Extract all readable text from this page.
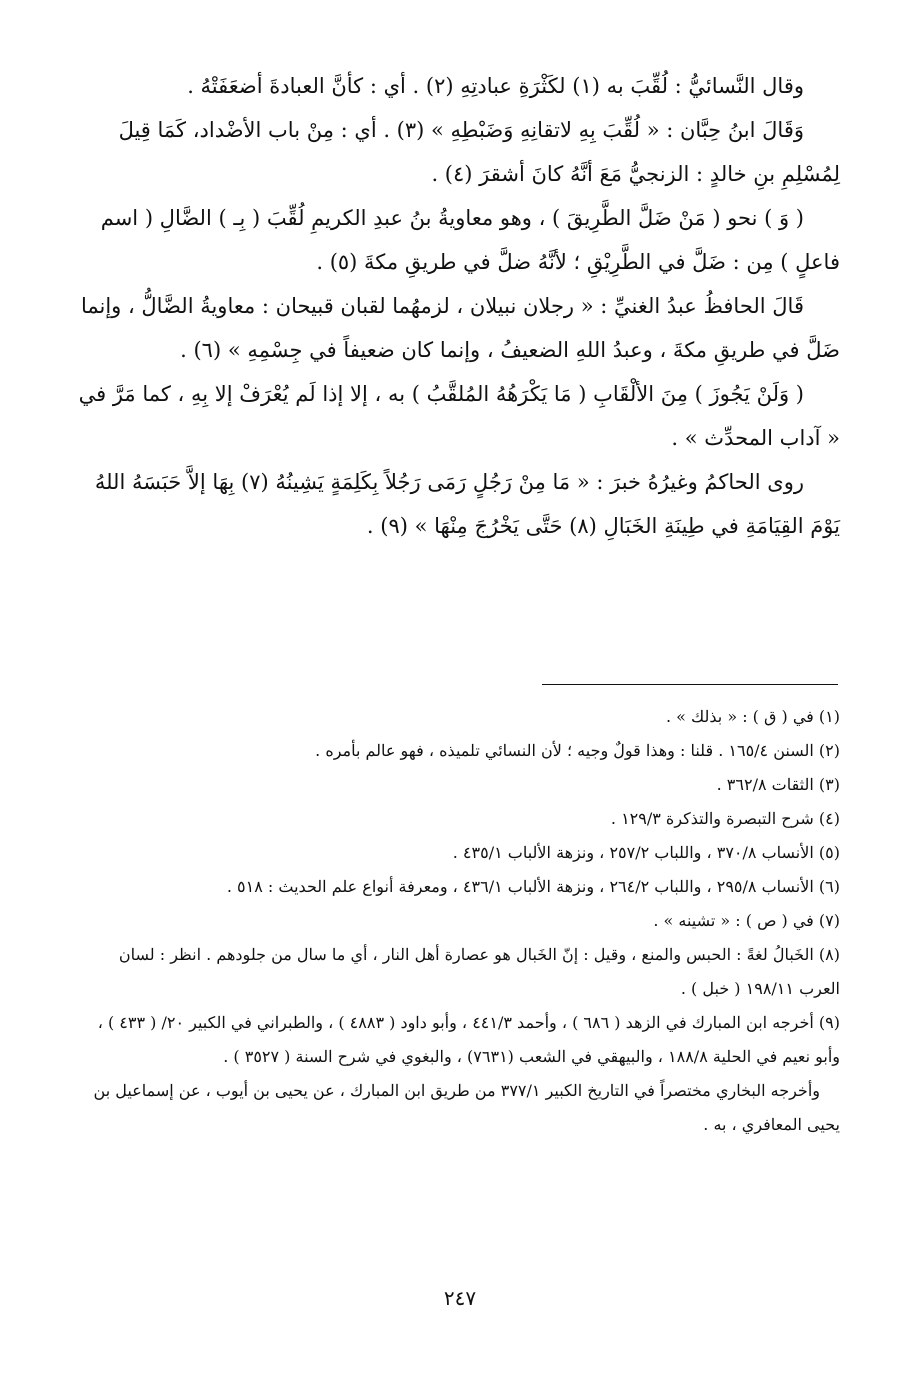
وقال النَّسائيُّ : لُقِّبَ به (١) لكَثْرَةِ عبادتِهِ (٢) . أي : كأنَّ العبادةَ أضعَفَتْهُ .

وَقَالَ ابنُ حِبَّان : « لُقِّبَ بِهِ لاتقانِهِ وَضَبْطِهِ » (٣) . أي : مِنْ باب الأضْداد، كَمَا قِيلَ لِمُسْلِمِ بنِ خالدٍ : الزنجيُّ مَعَ أنَّهُ كانَ أشقرَ (٤) .

( وَ ) نحو ( مَنْ ضَلَّ الطَّرِيقَ ) ، وهو معاويةُ بنُ عبدِ الكريمِ لُقِّبَ ( بِـ ) الضَّالِ ( اسم فاعلٍ ) مِن : ضَلَّ في الطَّرِيْقِ ؛ لأنَّهُ ضلَّ في طريقِ مكةَ (٥) .

قَالَ الحافظُ عبدُ الغنيِّ : « رجلان نبيلان ، لزمهُما لقبان قبيحان : معاويةُ الضَّالُّ ، وإنما ضَلَّ في طريقِ مكةَ ، وعبدُ اللهِ الضعيفُ ، وإنما كان ضعيفاً في جِسْمِهِ » (٦) .

( وَلَنْ يَجُوزَ ) مِنَ الألْقَابِ ( مَا يَكْرَهُهُ المُلقَّبُ ) به ، إلا إذا لَم يُعْرَفْ إلا بِهِ ، كما مَرَّ في « آداب المحدِّث » .

روى الحاكمُ وغيرُهُ خبرَ : « مَا مِنْ رَجُلٍ رَمَى رَجُلاً بِكَلِمَةٍ يَشِينُهُ (٧) بِهَا إلاَّ حَبَسَهُ اللهُ يَوْمَ القِيَامَةِ في طِينَةِ الخَبَالِ (٨) حَتَّى يَخْرُجَ مِنْهَا » (٩) .

(١) في ( ق ) : « بذلك » .

(٢) السنن ١٦٥/٤ . قلنا : وهذا قولٌ وجيه ؛ لأن النسائي تلميذه ، فهو عالم بأمره .

(٣) الثقات ٣٦٢/٨ .

(٤) شرح التبصرة والتذكرة ١٢٩/٣ .

(٥) الأنساب ٣٧٠/٨ ، واللباب ٢٥٧/٢ ، ونزهة الألباب ٤٣٥/١ .

(٦) الأنساب ٢٩٥/٨ ، واللباب ٢٦٤/٢ ، ونزهة الألباب ٤٣٦/١ ، ومعرفة أنواع علم الحديث : ٥١٨ .

(٧) في ( ص ) : « تشينه » .

(٨) الخَبالُ لغةً : الحبس والمنع ، وقيل : إنّ الخَبال هو عصارة أهل النار ، أي ما سال من جلودهم . انظر : لسان العرب ١٩٨/١١ ( خبل ) .

(٩) أخرجه ابن المبارك في الزهد ( ٦٨٦ ) ، وأحمد ٤٤١/٣ ، وأبو داود ( ٤٨٨٣ ) ، والطبراني في الكبير ٢٠/ ( ٤٣٣ ) ، وأبو نعيم في الحلية ١٨٨/٨ ، والبيهقي في الشعب (٧٦٣١) ، والبغوي في شرح السنة ( ٣٥٢٧ ) .

وأخرجه البخاري مختصراً في التاريخ الكبير ٣٧٧/١ من طريق ابن المبارك ، عن يحيى بن أيوب ، عن إسماعيل بن يحيى المعافري ، به .

٢٤٧
